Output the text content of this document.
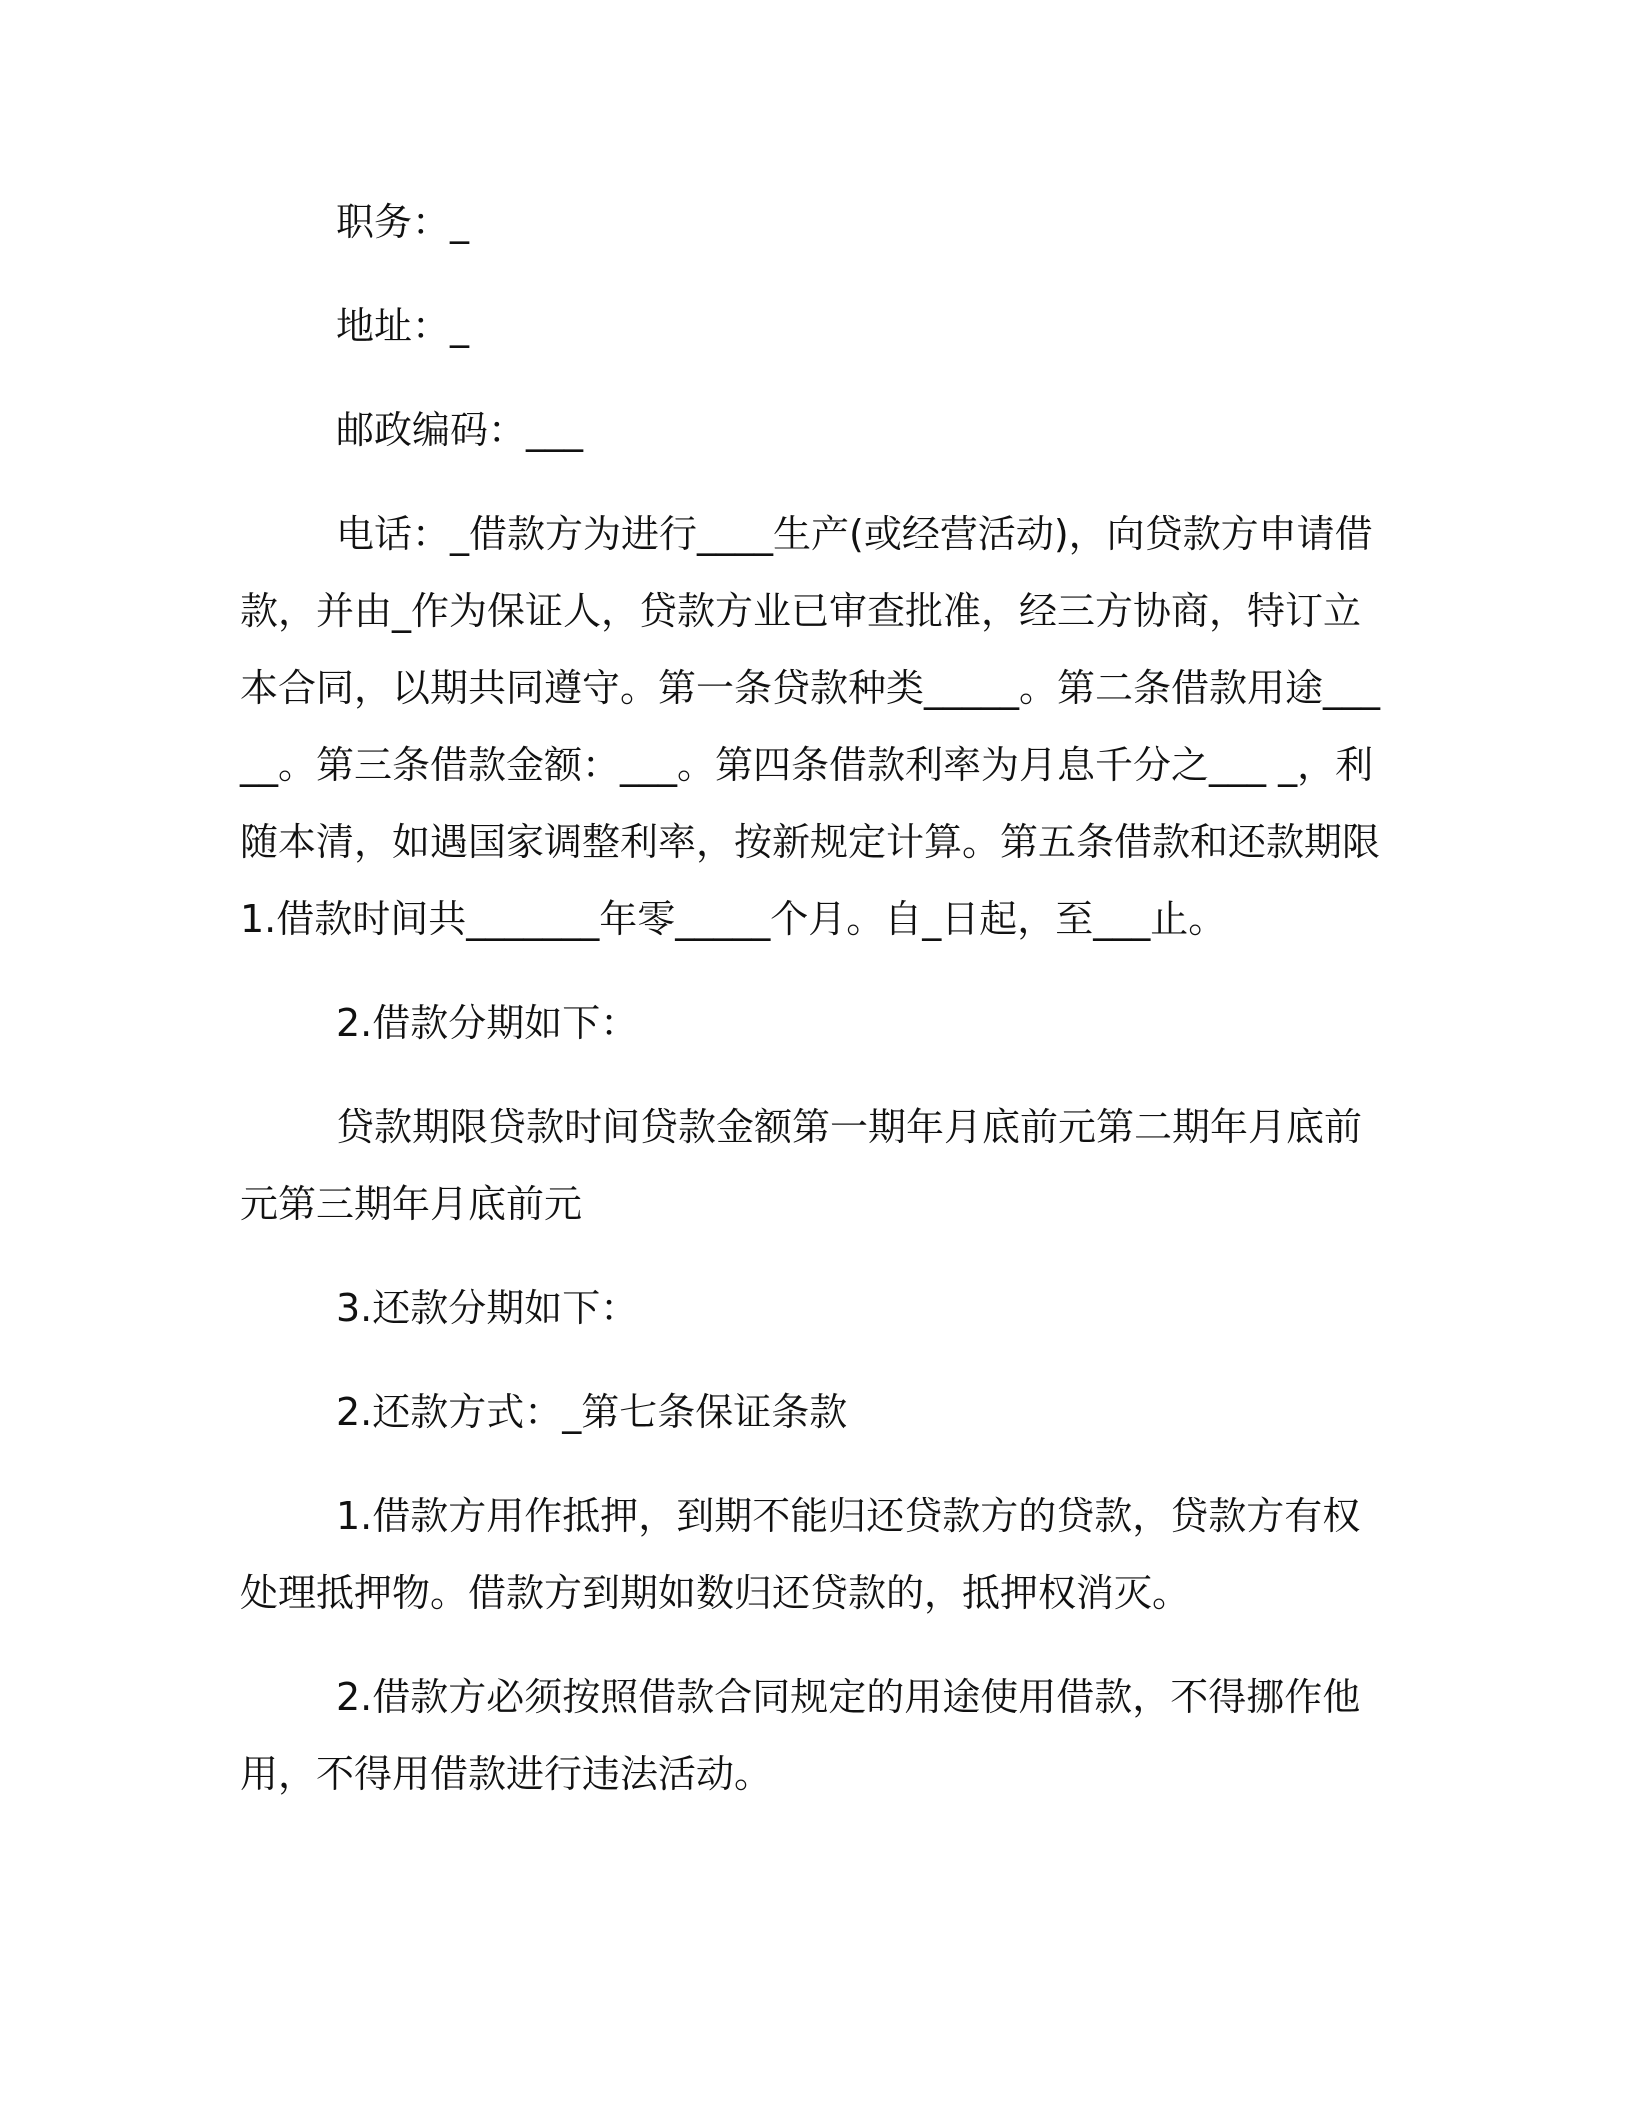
职务：_

地址：_

邮政编码：___

电话：_借款方为进行____生产(或经营活动)，向贷款方申请借款，并由_作为保证人，贷款方业已审查批准，经三方协商，特订立本合同，以期共同遵守。第一条贷款种类_____。第二条借款用途_____。第三条借款金额：___。第四条借款利率为月息千分之___ _，利随本清，如遇国家调整利率，按新规定计算。第五条借款和还款期限 1.借款时间共_______年零_____个月。自_日起，至___止。

2.借款分期如下：

贷款期限贷款时间贷款金额第一期年月底前元第二期年月底前元第三期年月底前元

3.还款分期如下：

2.还款方式：_第七条保证条款

1.借款方用作抵押，到期不能归还贷款方的贷款，贷款方有权处理抵押物。借款方到期如数归还贷款的，抵押权消灭。

2.借款方必须按照借款合同规定的用途使用借款，不得挪作他用，不得用借款进行违法活动。
